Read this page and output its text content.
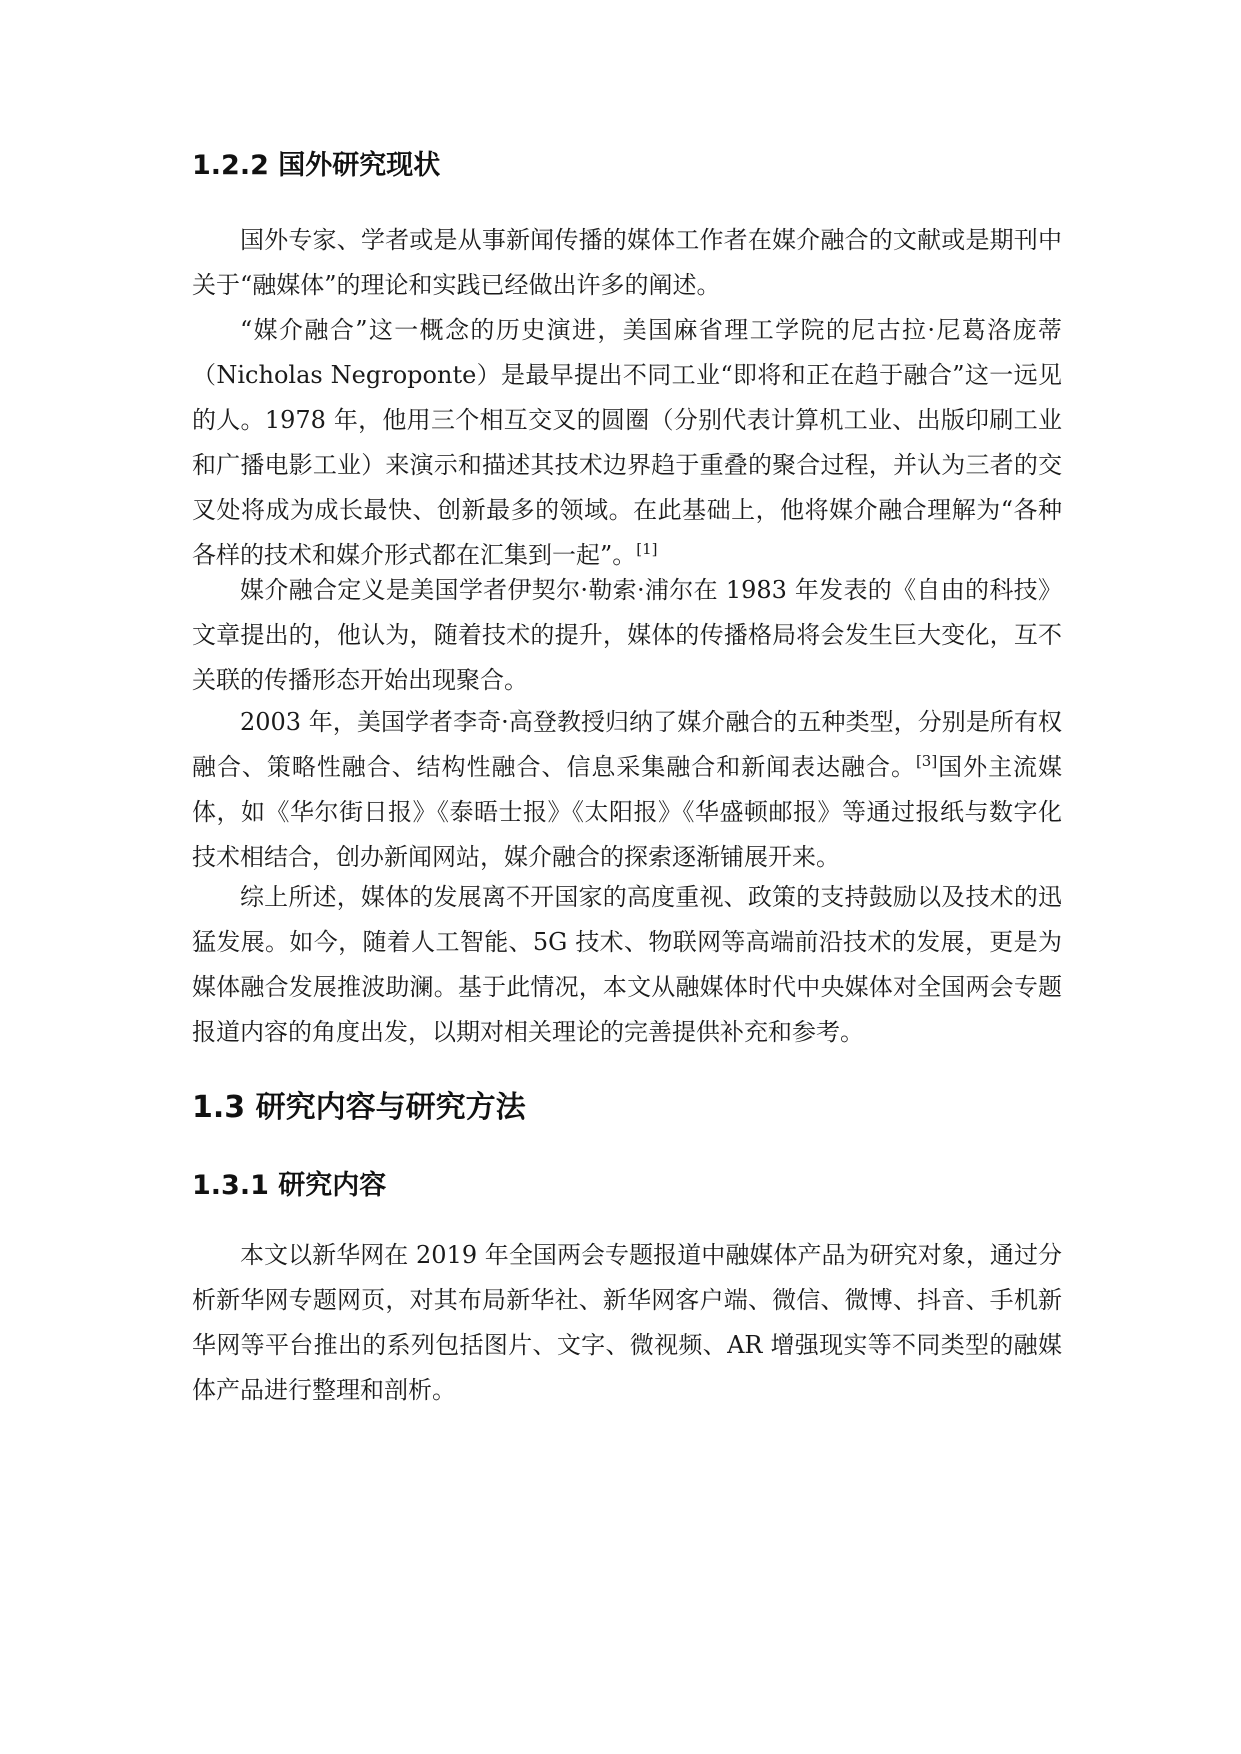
1.2.2 国外研究现状

国外专家、学者或是从事新闻传播的媒体工作者在媒介融合的文献或是期刊中关于“融媒体”的理论和实践已经做出许多的阐述。

“媒介融合”这一概念的历史演进，美国麻省理工学院的尼古拉·尼葛洛庞蒂（Nicholas Negroponte）是最早提出不同工业“即将和正在趋于融合”这一远见的人。1978 年，他用三个相互交叉的圆圈（分别代表计算机工业、出版印刷工业和广播电影工业）来演示和描述其技术边界趋于重叠的聚合过程，并认为三者的交叉处将成为成长最快、创新最多的领域。在此基础上，他将媒介融合理解为“各种各样的技术和媒介形式都在汇集到一起”。[1]

媒介融合定义是美国学者伊契尔·勒索·浦尔在 1983 年发表的《自由的科技》文章提出的，他认为，随着技术的提升，媒体的传播格局将会发生巨大变化，互不关联的传播形态开始出现聚合。

2003 年，美国学者李奇·高登教授归纳了媒介融合的五种类型，分别是所有权融合、策略性融合、结构性融合、信息采集融合和新闻表达融合。[3]国外主流媒体，如《华尔街日报》《泰晤士报》《太阳报》《华盛顿邮报》等通过报纸与数字化技术相结合，创办新闻网站，媒介融合的探索逐渐铺展开来。

综上所述，媒体的发展离不开国家的高度重视、政策的支持鼓励以及技术的迅猛发展。如今，随着人工智能、5G 技术、物联网等高端前沿技术的发展，更是为媒体融合发展推波助澜。基于此情况，本文从融媒体时代中央媒体对全国两会专题报道内容的角度出发，以期对相关理论的完善提供补充和参考。

1.3 研究内容与研究方法
1.3.1 研究内容

本文以新华网在 2019 年全国两会专题报道中融媒体产品为研究对象，通过分析新华网专题网页，对其布局新华社、新华网客户端、微信、微博、抖音、手机新华网等平台推出的系列包括图片、文字、微视频、AR 增强现实等不同类型的融媒体产品进行整理和剖析。
